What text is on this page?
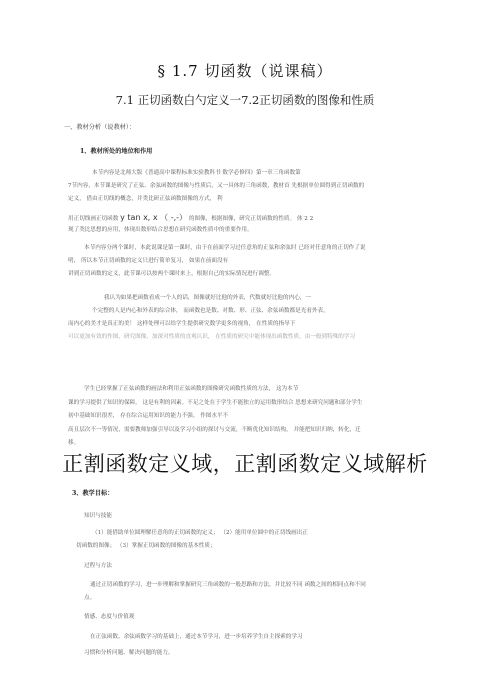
§ 1.7 切函数（说课稿）
7.1 正切函数白勺定义一7.2正切函数的图像和性质
一、教材分析（说教材）：
1、教材所处的地位和作用
本节内容是北师大版《普通高中课程标准实验教科书 数学必修四》第一章三角函数第
7节内容，本节课是研究了正弦、余弦函数的图像与性质后，又一具体的三角函数，教材首 先根据单位圆得到正切函数的
定义， 借由正切线的概念，并类比研正弦函数图像的方式， 利
用正切线画正切函数 y tan x, x （ -,-） 的图像，根据图像，研究正切函数的性质。 体 2 2
现了类比思想的应用，体现出数形结合思想在研究函数性质中的重要作用。
本节内容分两个课时，本此说课是第一课时，由于在前面学习过任意角的正弦和余弦时 已经对任意角的正切作了说
明， 所以本节正切函数的定义只进行简单复习， 如果在前面没有
讲到正切函数的定义，此节课可以按两个课时来上，根据自己的实际情况进行调整。
我认为如果把函数看成一个人的话，图像就好比他的外表，代数就好比他的内心，一
个完整的人是内心和外表的综合体， 而函数也是数、对数、形、正弦、余弦函数都是光看外表，
而内心的美才是真正的美！ 这样处理可以给学生提供研究数学更多的视角， 在性质的指导下
可以更加有效的作图，研究图像，加深对性质的直观认识， 在性质的研究中能体现出函数性质，由一般到特殊的学习
正割函数定义域，正割函数定义域解析
学生已经掌握了正弦函数的画法和利用正弦函数的图像研究函数性质的方法， 这为本节
课的学习提供了知识的保障， 这是有利的因素。不足之处在于学生不能独立的运用数形结合 思想来研究问题和部分学生
初中基础知识很差， 存在综合运用知识的能力不强。 作图水平不
高且层次不一等情况，需要教师加强引导以及学习小组的探讨与交流，不断优化知识结构， 并能把知识归纳，转化，迁
移。
3、教学目标：
知识与技能
（1）能借助单位圆理解任意角的正切函数的定义； （2）能用单位圆中的正切线画出正
切函数的图像； （3）掌握正切函数的图像的基本性质；
过程与方法
通过正切函数的学习，进一步理解和掌握研究三角函数的一般思路和方法，并比较不同 函数之间的相同点和不同
点。
情感、态度与价值观
在正弦函数、余弦函数学习的基础上，通过本节学习，进一步培养学生自主探索的学习
习惯和分析问题、解决问题的能力。
